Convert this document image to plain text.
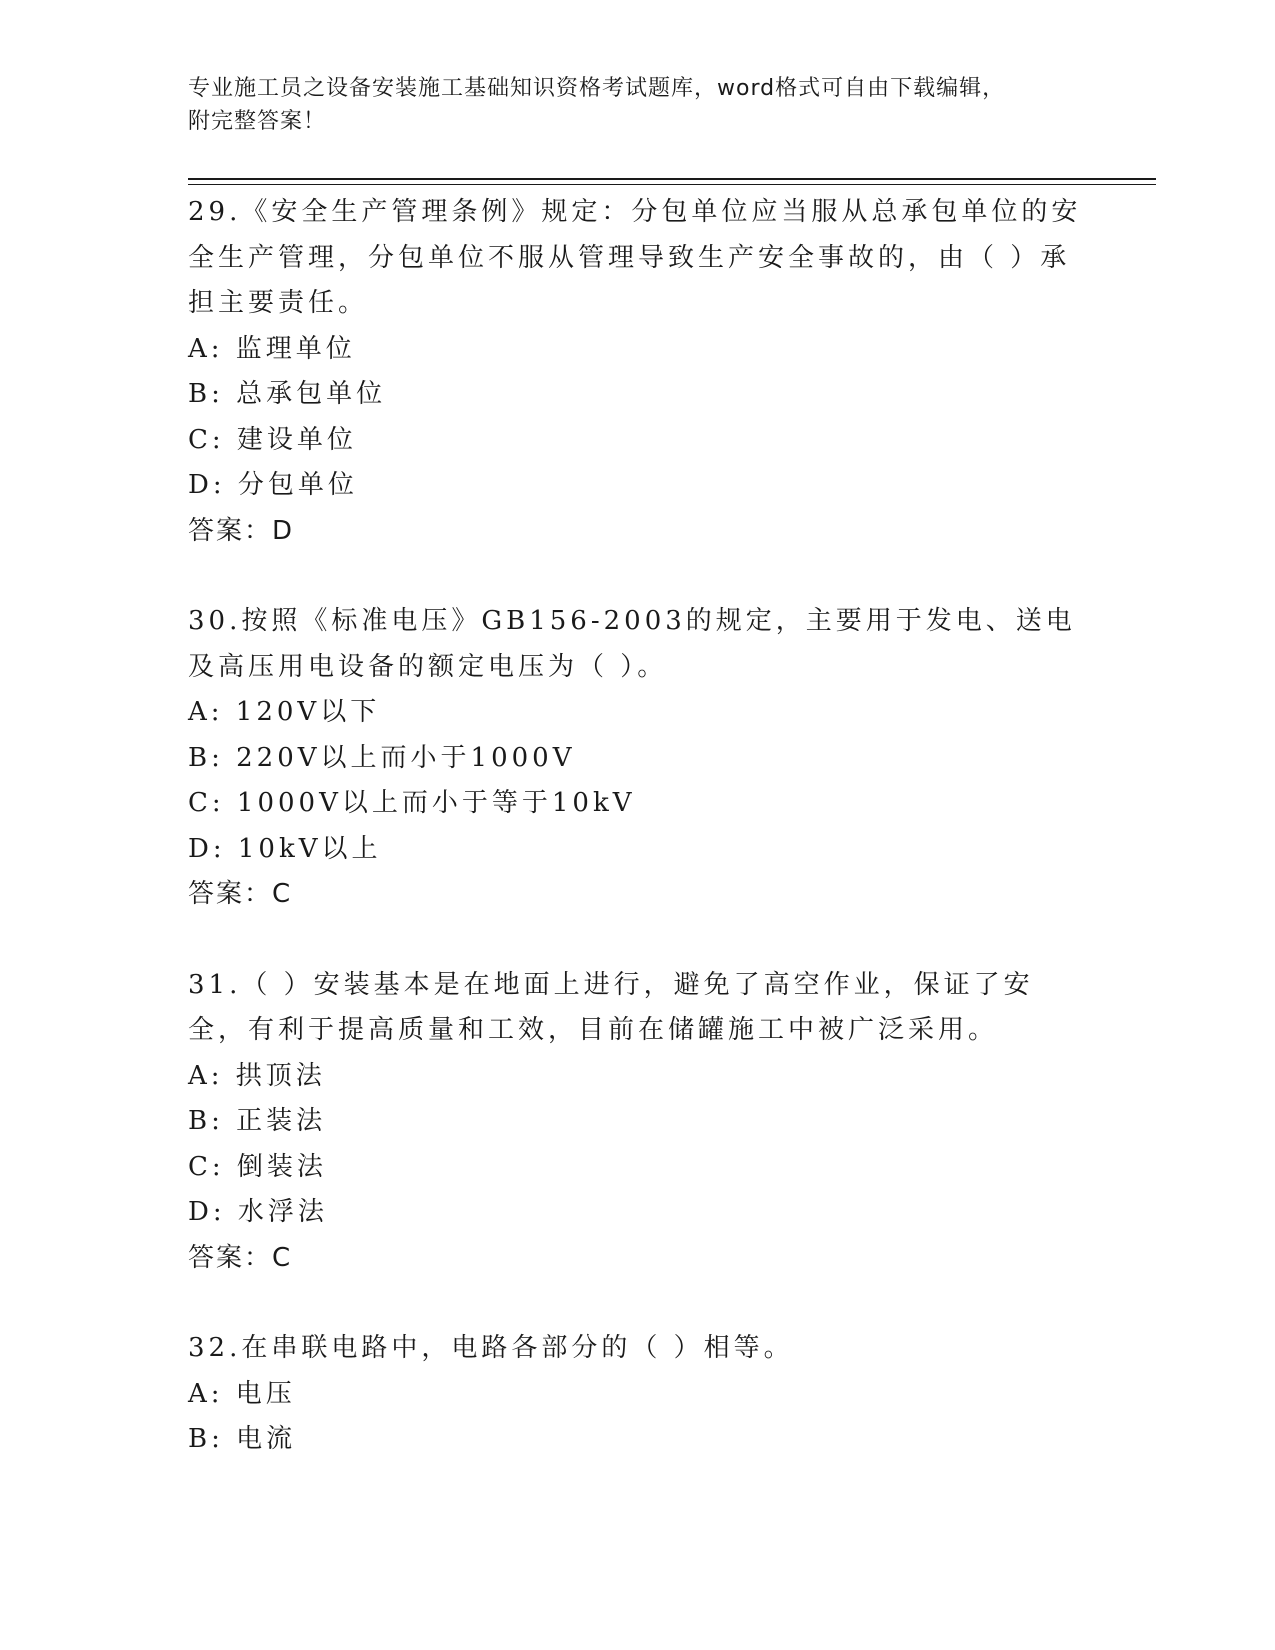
专业施工员之设备安装施工基础知识资格考试题库，word格式可自由下载编辑，
附完整答案！

29.《安全生产管理条例》规定：分包单位应当服从总承包单位的安全生产管理，分包单位不服从管理导致生产安全事故的，由（ ）承担主要责任。

A: 监理单位

B: 总承包单位

C: 建设单位

D: 分包单位

答案：D

30.按照《标准电压》GB156-2003的规定，主要用于发电、送电及高压用电设备的额定电压为（ ）。

A: 120V以下

B: 220V以上而小于1000V

C: 1000V以上而小于等于10kV

D: 10kV以上

答案：C

31.（ ）安装基本是在地面上进行，避免了高空作业，保证了安全，有利于提高质量和工效，目前在储罐施工中被广泛采用。

A: 拱顶法

B: 正装法

C: 倒装法

D: 水浮法

答案：C

32.在串联电路中，电路各部分的（ ）相等。

A: 电压

B: 电流
